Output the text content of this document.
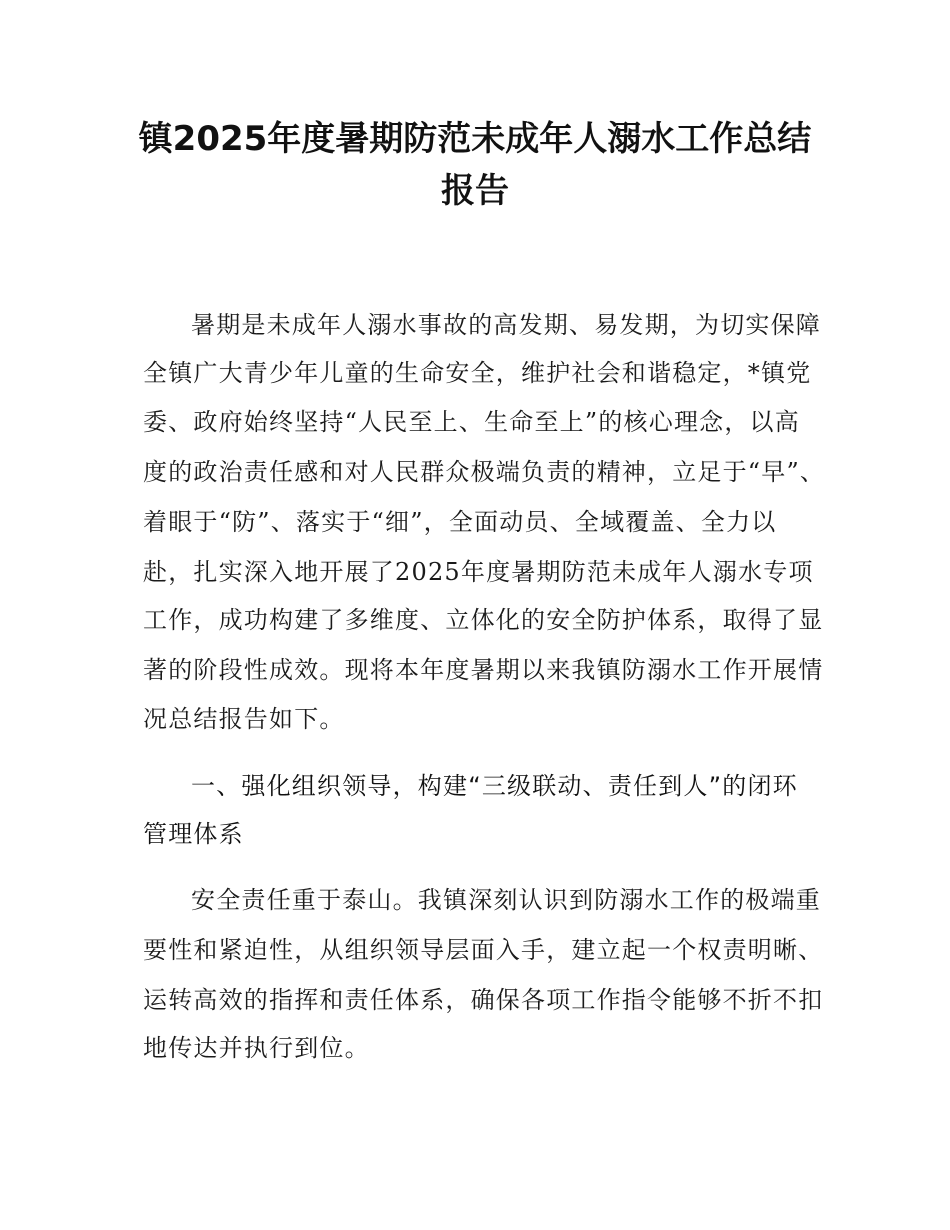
镇2025年度暑期防范未成年人溺水工作总结
报告
暑期是未成年人溺水事故的高发期、易发期，为切实保障
全镇广大青少年儿童的生命安全，维护社会和谐稳定，*镇党
委、政府始终坚持“人民至上、生命至上”的核心理念，以高
度的政治责任感和对人民群众极端负责的精神，立足于“早”、
着眼于“防”、落实于“细”，全面动员、全域覆盖、全力以
赴，扎实深入地开展了2025年度暑期防范未成年人溺水专项
工作，成功构建了多维度、立体化的安全防护体系，取得了显
著的阶段性成效。现将本年度暑期以来我镇防溺水工作开展情
况总结报告如下。
一、强化组织领导，构建“三级联动、责任到人”的闭环
管理体系
安全责任重于泰山。我镇深刻认识到防溺水工作的极端重
要性和紧迫性，从组织领导层面入手，建立起一个权责明晰、
运转高效的指挥和责任体系，确保各项工作指令能够不折不扣
地传达并执行到位。
